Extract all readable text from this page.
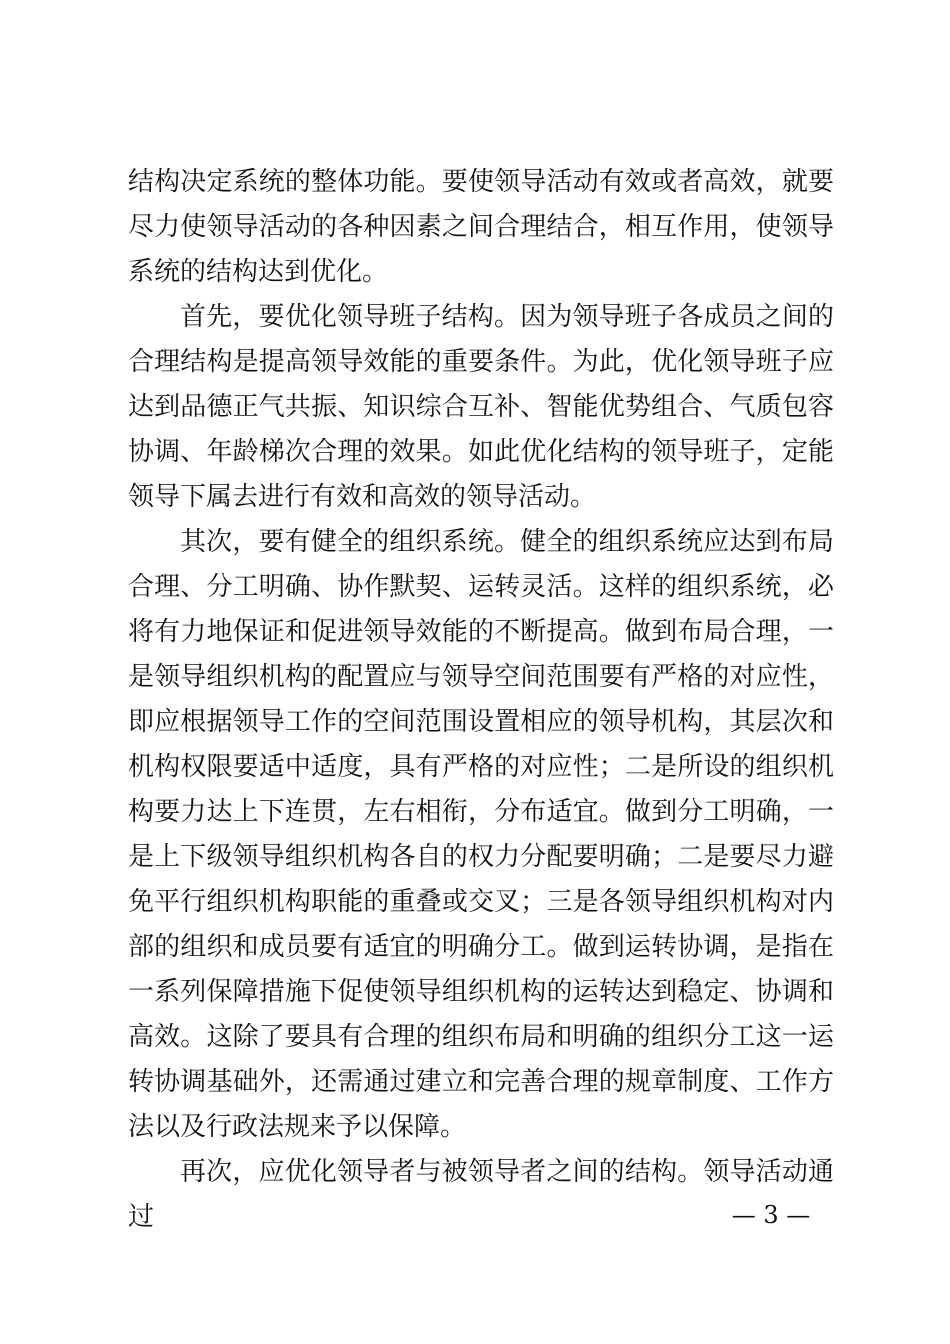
结构决定系统的整体功能。要使领导活动有效或者高效，就要尽力使领导活动的各种因素之间合理结合，相互作用，使领导系统的结构达到优化。

首先，要优化领导班子结构。因为领导班子各成员之间的合理结构是提高领导效能的重要条件。为此，优化领导班子应达到品德正气共振、知识综合互补、智能优势组合、气质包容协调、年龄梯次合理的效果。如此优化结构的领导班子，定能领导下属去进行有效和高效的领导活动。

其次，要有健全的组织系统。健全的组织系统应达到布局合理、分工明确、协作默契、运转灵活。这样的组织系统，必将有力地保证和促进领导效能的不断提高。做到布局合理，一是领导组织机构的配置应与领导空间范围要有严格的对应性，即应根据领导工作的空间范围设置相应的领导机构，其层次和机构权限要适中适度，具有严格的对应性；二是所设的组织机构要力达上下连贯，左右相衔，分布适宜。做到分工明确，一是上下级领导组织机构各自的权力分配要明确；二是要尽力避免平行组织机构职能的重叠或交叉；三是各领导组织机构对内部的组织和成员要有适宜的明确分工。做到运转协调，是指在一系列保障措施下促使领导组织机构的运转达到稳定、协调和高效。这除了要具有合理的组织布局和明确的组织分工这一运转协调基础外，还需通过建立和完善合理的规章制度、工作方法以及行政法规来予以保障。

再次，应优化领导者与被领导者之间的结构。领导活动通过	— 3 —
